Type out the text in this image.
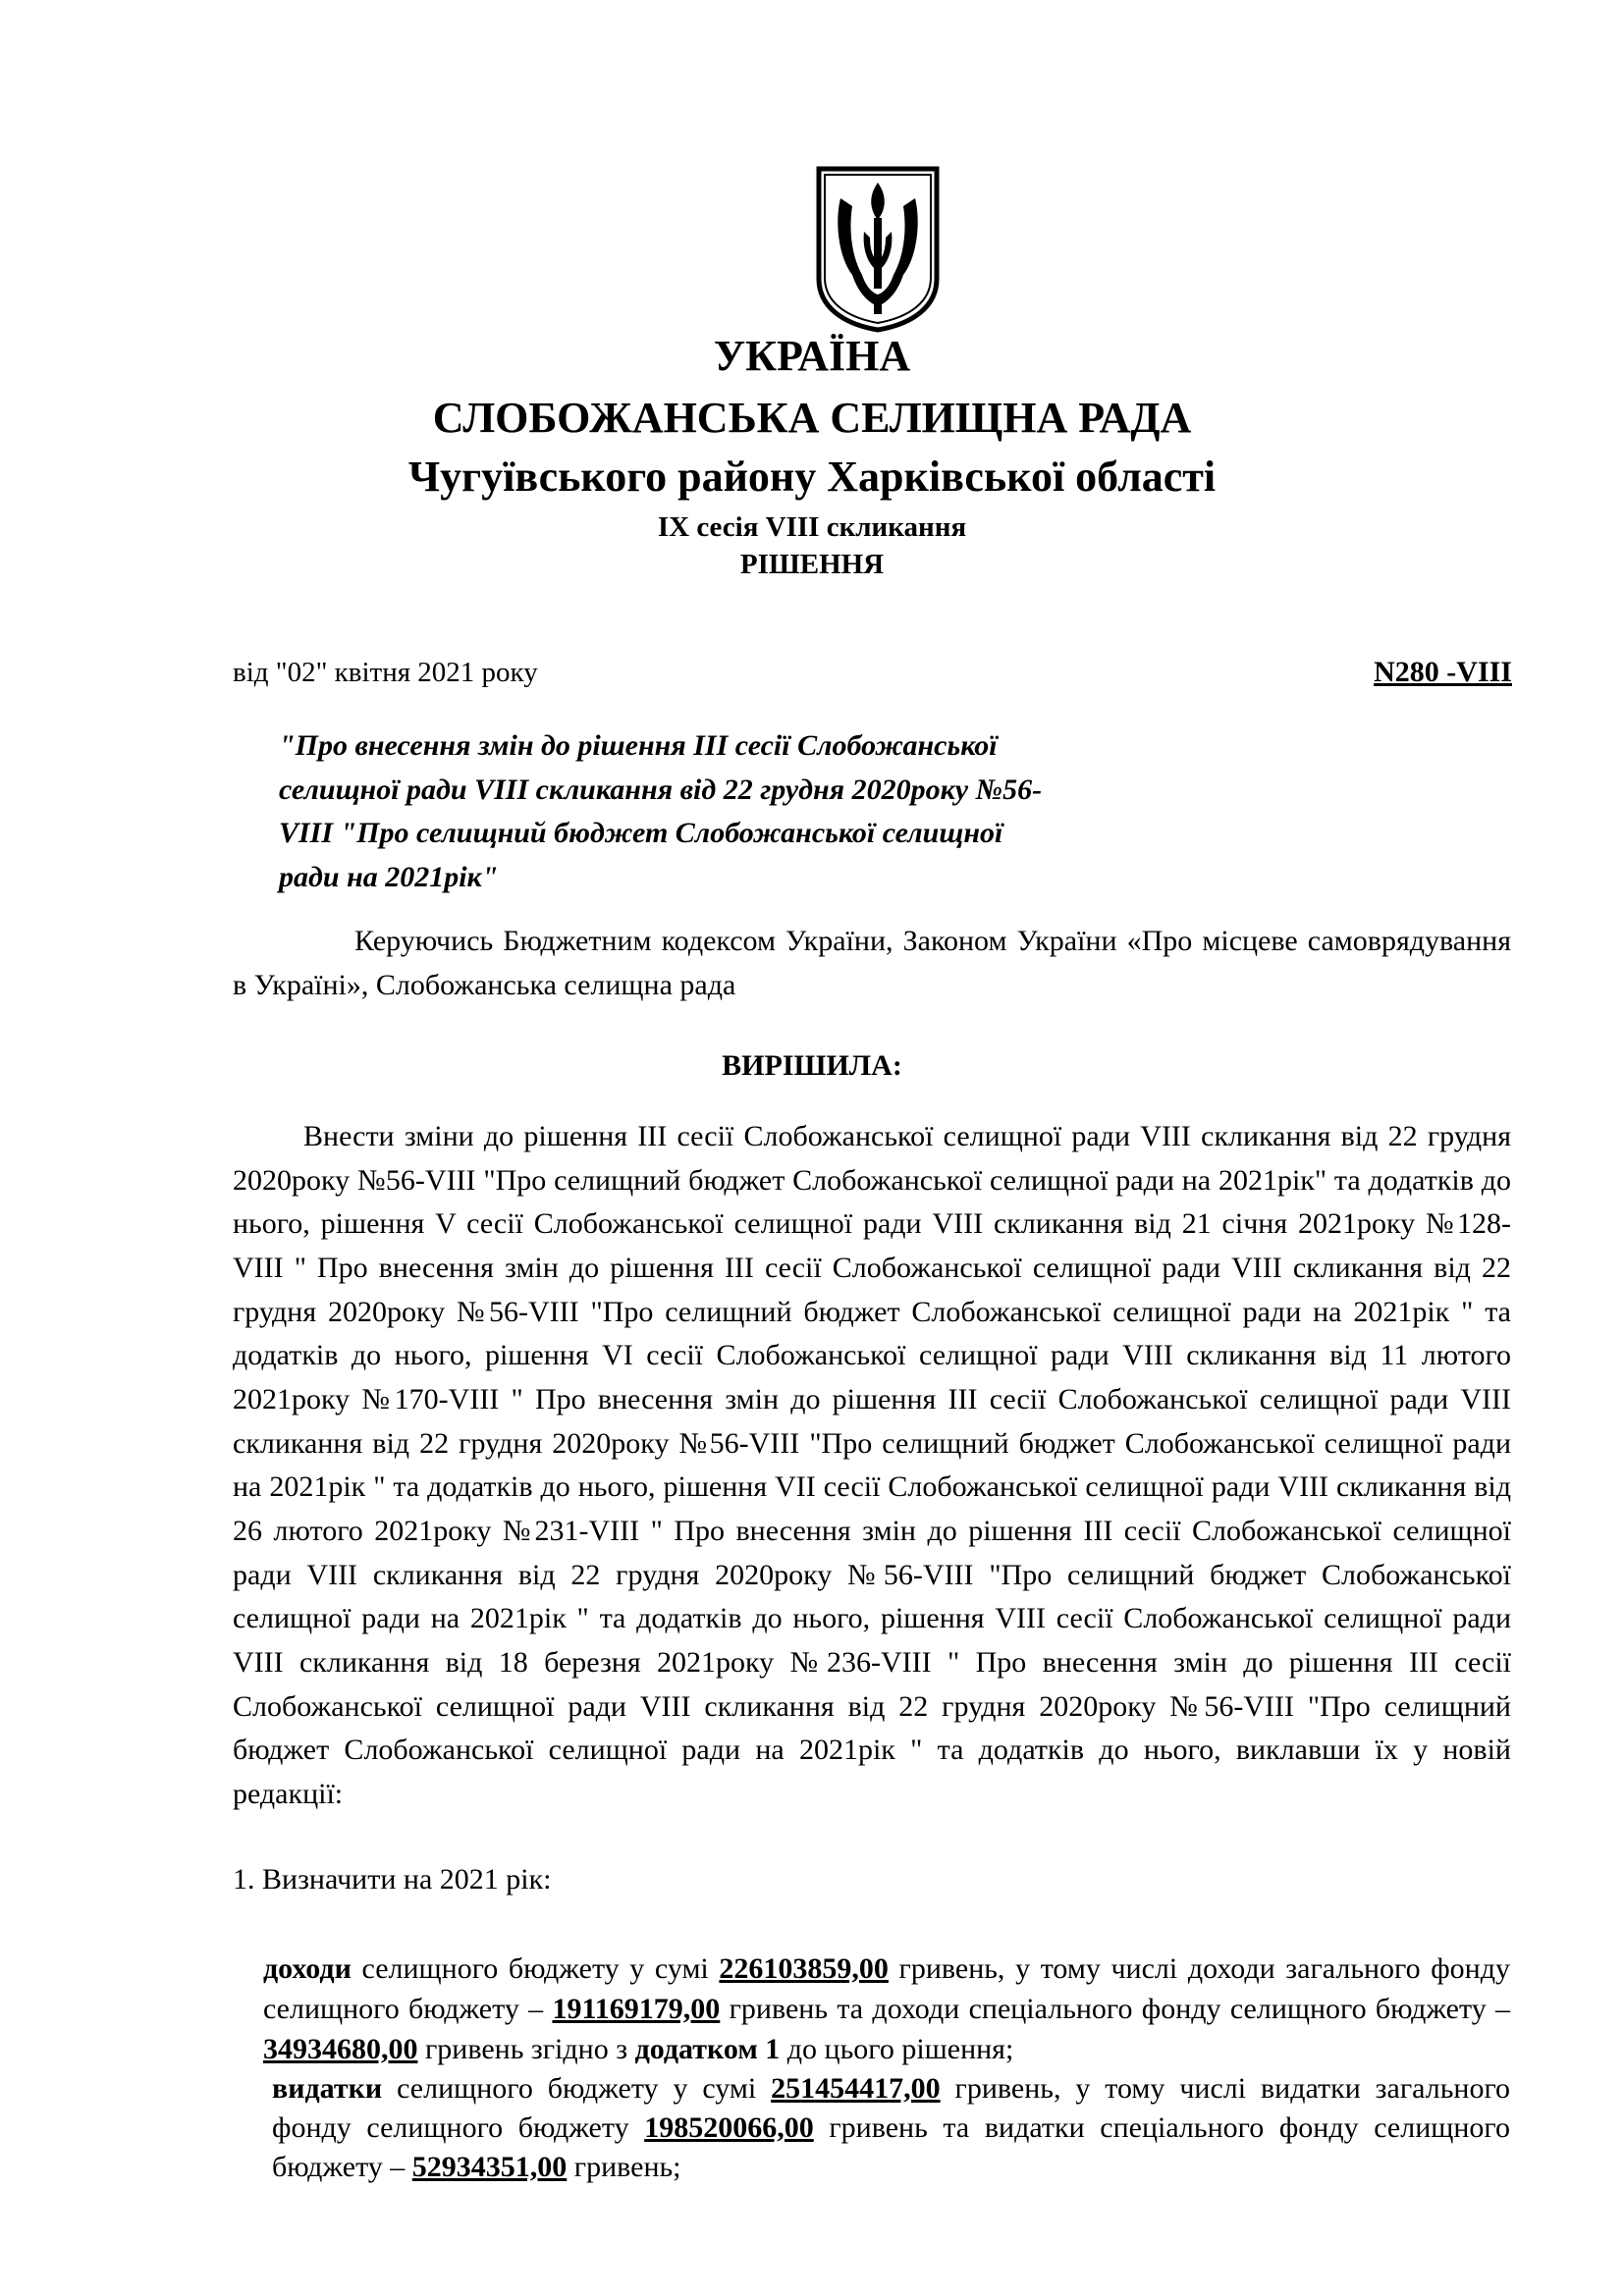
УКРАЇНА
СЛОБОЖАНСЬКА СЕЛИЩНА РАДА
Чугуївського району Харківської області
IX сесія VIII скликання
РІШЕННЯ
від "02" квітня 2021 року	N280 -VIII
"Про внесення змін до рішення III сесії Слобожанської
селищної ради VIII скликання від 22 грудня 2020року №56-
VIII "Про селищний бюджет Слобожанської селищної
ради на 2021рік"
Керуючись Бюджетним кодексом України, Законом України «Про місцеве самоврядування в Україні», Слобожанська селищна рада
ВИРІШИЛА:
Внести зміни до рішення III сесії Слобожанської селищної ради VIII скликання від 22 грудня 2020року №56-VIII "Про селищний бюджет Слобожанської селищної ради на 2021рік" та додатків до нього, рішення V сесії Слобожанської селищної ради VIII скликання від 21 січня 2021року №128-VIII " Про внесення змін до рішення III сесії Слобожанської селищної ради VIII скликання від 22 грудня 2020року №56-VIII "Про селищний бюджет Слобожанської селищної ради на 2021рік " та додатків до нього, рішення VI сесії Слобожанської селищної ради VIII скликання від 11 лютого 2021року №170-VIII " Про внесення змін до рішення III сесії Слобожанської селищної ради VIII скликання від 22 грудня 2020року №56-VIII "Про селищний бюджет Слобожанської селищної ради на 2021рік " та додатків до нього, рішення VII сесії Слобожанської селищної ради VIII скликання від 26 лютого 2021року №231-VIII " Про внесення змін до рішення III сесії Слобожанської селищної ради VIII скликання від 22 грудня 2020року №56-VIII "Про селищний бюджет Слобожанської селищної ради на 2021рік " та додатків до нього, рішення VIII сесії Слобожанської селищної ради VIII скликання від 18 березня 2021року №236-VIII " Про внесення змін до рішення III сесії Слобожанської селищної ради VIII скликання від 22 грудня 2020року №56-VIII "Про селищний бюджет Слобожанської селищної ради на 2021рік " та додатків до нього, виклавши їх у новій редакції:
1. Визначити на 2021 рік:
доходи селищного бюджету у сумі 226103859,00 гривень, у тому числі доходи загального фонду селищного бюджету – 191169179,00 гривень та доходи спеціального фонду селищного бюджету – 34934680,00 гривень згідно з додатком 1 до цього рішення;
видатки селищного бюджету у сумі 251454417,00 гривень, у тому числі видатки загального фонду селищного бюджету 198520066,00 гривень та видатки спеціального фонду селищного бюджету – 52934351,00 гривень;
